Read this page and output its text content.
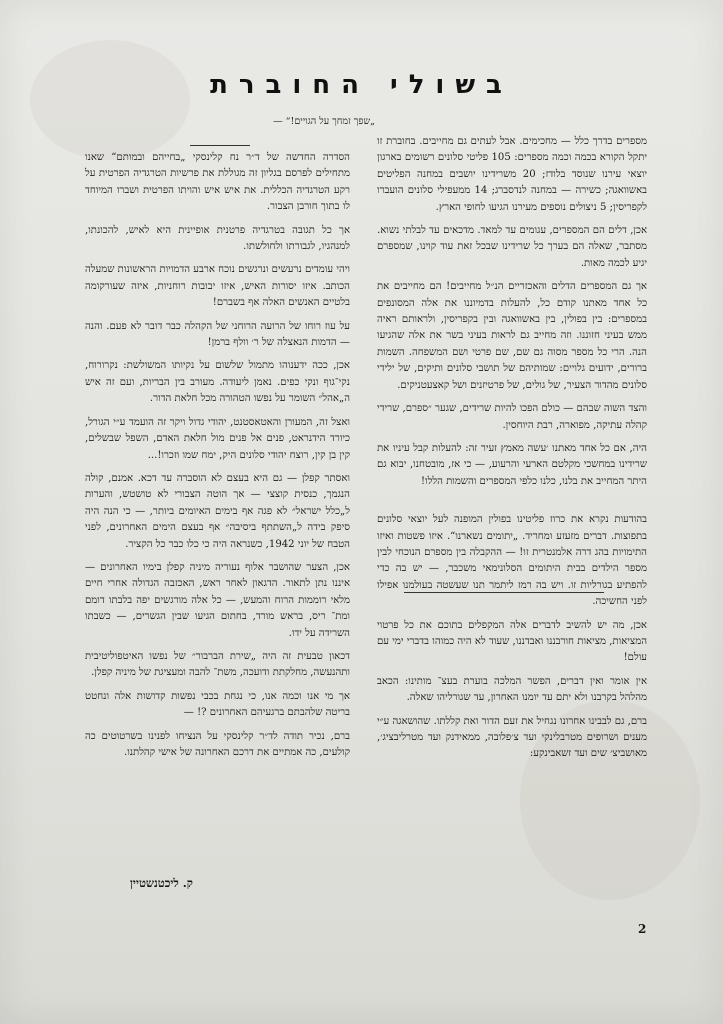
בשולי החוברת
„שפך זמחך על הגויים!“ —

מספרים בדרך כלל — מחכימים. אבל לעתים גם מחייבים. בחוברת זו יתקל הקורא בכמה וכמה מספרים: 105 פליטי סלונים רשומים בארגון יוצאי עירנו שנוסד בלודז; 20 משרידינו יושבים במחנה הפליטים באשוואגה; כשירה — במחנה לנדסברג; 14 ממעפילי סלונים הועברו לקפריסין; 5 ניצולים נוספים מעירנו הגיעו לחופי הארץ.

אכן, דלים הם המספרים, עגומים עד למאד. מדכאים עד לבלתי נשוא. מסתבר, שאלה הם בערך כל שרידינו שבכל זאת עוד קוינו, שמספרם יגיע לכמה מאות.

אך גם המספרים הדלים והאכזריים הנ״ל מחייבים! הם מחייבים את כל אחד מאתנו קודם כל, להעלות בדמיוננו את אלה המסונפים במספרים: בין בפולין, בין באשוואגה ובין בקפריסין, ולראותם ראיה ממש בעיני חזוננו. וזה מחייב גם לראות בעיני בשר את אלה שהגיעו הנה. הרי כל מספר מסוה גם שם, שם פרטי ושם המשפחה. השמות ברורים, ידועים גלויים: שמותיהם של תושבי סלונים ותיקים, של ילידי סלונים מהדור הצעיר, של גולים, של פרטיזנים ושל קאצעטניקים.

והצד השוה שבהם — כולם הפכו להיות שרידים, שגער ״ספרם, שרידי קהלה עתיקה, מפוארה, רבת היוחסין.

היה, אם כל אחד מאתנו ׳עשה מאמץ זעיר זה: להעלות קבל עיניו את שרידינו במחשכי מקלטם הארעי והרעוע, — כי אז, מובטחנו, יבוא גם היתר המחייב את בלנו, כלנו כלפי המספרים והשמות הללו!

בהודעות נקרא את כרוז פליטינו בפולין המופנה לעל יוצאי סלונים בתפוצות. דברים מזעזע ומחריד. „יתומים נשארנו“. איזו פשטות ואיזו התימויות בהג דרה אלמנטרית זו! — ההקבלה בין מספרם הנוכחי לבין מספר הילדים בבית היתומים הסלונימאי משכבר, — יש בה כדי להפתיע בגורליות זו. ויש בה רמז ליתמר תנו שעשטה בעולמנו אפילו לפני החשיכה.

אכן, מה יש להשיב לדברים אלה המקפלים בתוכם את כל פרטוי המציאות, מציאות חורבננו ואבדננו, שעוד לא היה כמוהו בדברי ימי עם עולם!

אין אומר ואין דברים, הפשר המלכה בוערת בעצ־ מותינו: הכאב מהלהל בקרבנו ולא יתם עד יומנו האחרון, עד שגורליהו שאלה.

ברם, גם לבבינו אחרונו נגחיל את זעם הדור ואת קללתו. שהושאגה ע״י מענים ושרופים מטרבלינקי ועד צ׳פלובה, ממאידנק ועד מטרליבציג׳, מאושביצ׳ שים ועד זשאבינקע:

הסדרה החדשה של ד״ר נח קלינסקי „בחייהם ובמותם“ שאנו מתחילים לפרסם בגליון זה מגוללת את פרשיות הטרגדיה הפרטית על רקע הטרגדיה הכללית. את איש איש והויתו הפרטית ושברו המיוחד לו בתוך חורבן הצבור.

אך כל תגובה בטרגדיה פרטנית אופיינית היא לאיש, להכונתו, למנהגיו, לגבורתו ולחולשתו.

ויהי עומדים נרעשים ונרגשים נוכח ארבע הדמויות הראשונות שמעלה הכותב. איזו יסורות האיש, איזו יבובות רוחניות, איזה שעורקומה בלטיים האנשים האלה אף בשברם!

על עוז רוחו של הרועה הרוחני של הקהלה כבר דובר לא פעם. והנה — הדמות הנאצלה של ר׳ וולף ברמן!

אכן, ככה ידענוהו מתמול שלשום על נקיותו המשולשת: נקרורוח, נקי־גוף ונקי כפים. נאמן ליעודה. מעורב בין הבריות, ועם זה איש ה„אהל״ השומר על נפשו הטהורה מכל חלאת הדור.

ואצל זה, המעורן והאטאסטנט, יהודי גדול ויקר זה הועמד ע״י הגורל, כיורד הידנראט, פנים אל פנים מול חלאת האדם, השפל שבשלים, קין בן קין, רוצח יהודי סלונים היק, ימח שמו וזכרו!...

ואסתר קפלן — גם היא בעצם לא הוסברה עד דכא. אמנם, קולה הנגמך, כנסית קוצצי — אך הוטה הצבורי לא טושטש, והערות ל„כלל ישראל״ לא פגה אף בימים האיומים ביותר, — כי הנה היה סיפק בידה ל„השתתף ביסיבה״ אף בעצם הימים האחרונים, לפני הטבח של יוני 1942, כשנראה היה כי כלו כבר כל הקציר.

אכן, הצער שהושבר אלוף נעוריה מיניה קפלן בימיו האחרונים — איננו נתן לתאור. הדגאון לאחר ראש, האכזבה הגדולה אחרי חיים מלאי רוממות הרוח והמעש, — כל אלה מורגשים יפה בלבתו דומם ומת־ ריס, בראש מורד, בחתום הגיעו שבין הגשרים, — כשבתו השרידה על ידו.

דכאון טבעית זה היה „שירת הברבור״ של נפשו האיטפוליטיבית ותהנעשה, מחלקתת ודועכה, משת־ להבה ומעציגת של מיניה קפלן.

אך מי אנו וכמה אנו, כי נגחת בכבי נפשות קדושות אלה ונחטט בריטה שלהבתם ברגעיהם האחרונים ?! —

ברם, נכיר תודה לד״ר קלינסקי על הנציחו לפנינו בשרטוטים כה קולעים, כה אמתיים את דרכם האחרונה של אישי קהלתנו.

ק. ליכטנשטיין
2
